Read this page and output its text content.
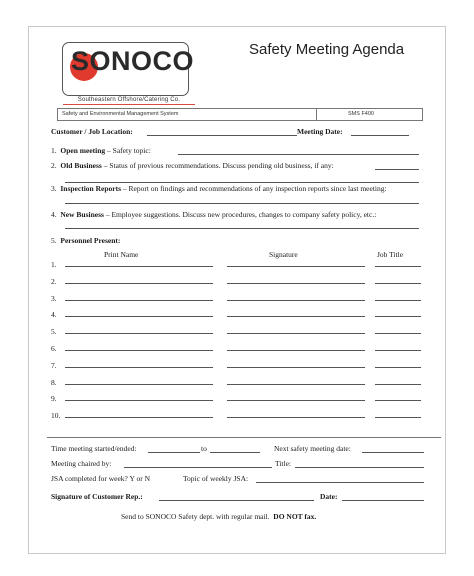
SONOCO
Southeastern Offshore/Catering Co.
Safety Meeting Agenda
Safety and Environmental Management System	SMS F400
Customer / Job Location:	Meeting Date:
1. Open meeting – Safety topic:
2. Old Business – Status of previous recommendations. Discuss pending old business, if any:
3. Inspection Reports – Report on findings and recommendations of any inspection reports since last meeting:
4. New Business – Employee suggestions. Discuss new procedures, changes to company safety policy, etc.:
5. Personnel Present:
Print Name	Signature	Job Title
1.
2.
3.
4.
5.
6.
7.
8.
9.
10.
Time meeting started/ended:	to	Next safety meeting date:
Meeting chaired by:	Title:
JSA completed for week? Y or N	Topic of weekly JSA:
Signature of Customer Rep.:	Date:
Send to SONOCO Safety dept. with regular mail. DO NOT fax.
